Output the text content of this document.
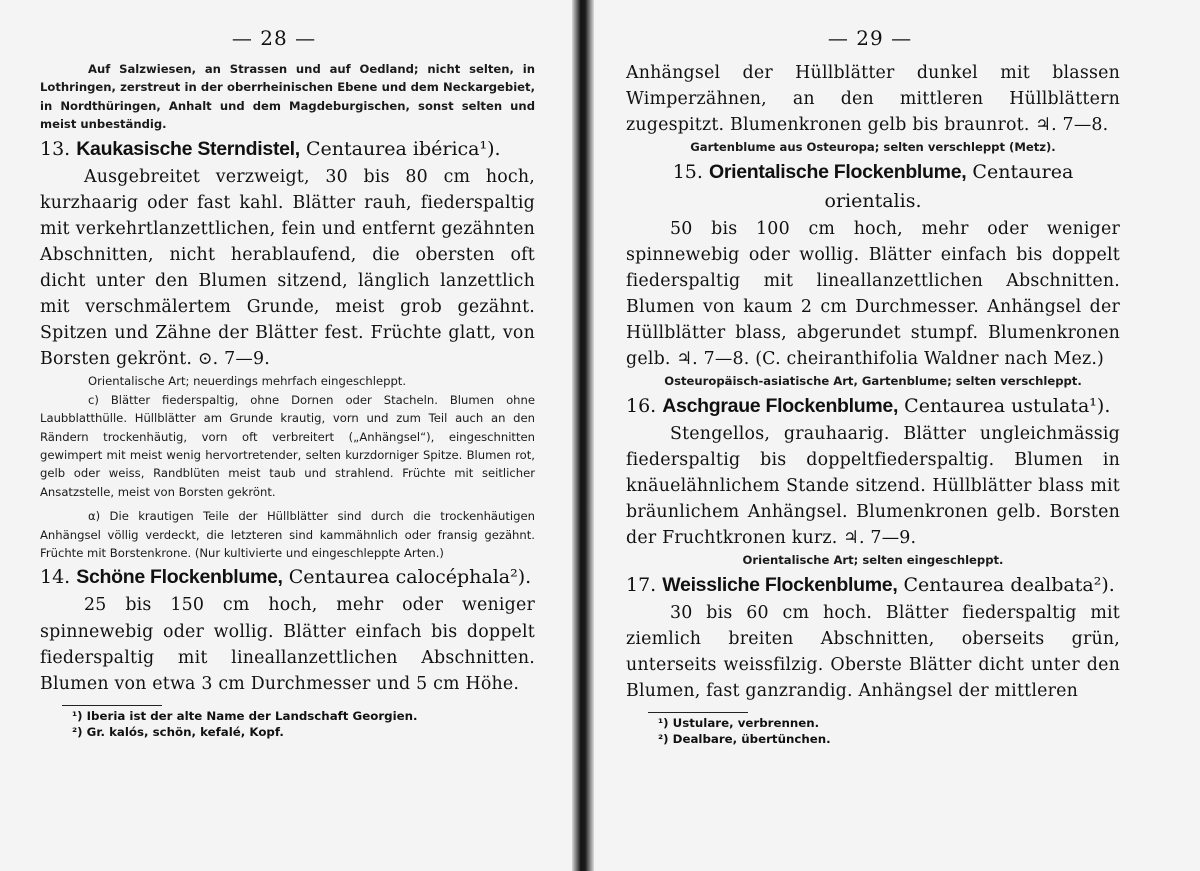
— 28 —

Auf Salzwiesen, an Strassen und auf Oedland; nicht selten, in Lothringen, zerstreut in der oberrheinischen Ebene und dem Neckargebiet, in Nordthüringen, Anhalt und dem Magdeburgischen, sonst selten und meist unbeständig.

13. Kaukasische Sterndistel, Centaurea ibérica¹).

Ausgebreitet verzweigt, 30 bis 80 cm hoch, kurzhaarig oder fast kahl. Blätter rauh, fiederspaltig mit verkehrtlanzettlichen, fein und entfernt gezähnten Abschnitten, nicht herablaufend, die obersten oft dicht unter den Blumen sitzend, länglich lanzettlich mit verschmälertem Grunde, meist grob gezähnt. Spitzen und Zähne der Blätter fest. Früchte glatt, von Borsten gekrönt. ⊙. 7—9.

Orientalische Art; neuerdings mehrfach eingeschleppt.

c) Blätter fiederspaltig, ohne Dornen oder Stacheln. Blumen ohne Laubblatthülle. Hüllblätter am Grunde krautig, vorn und zum Teil auch an den Rändern trockenhäutig, vorn oft verbreitert („Anhängsel“), eingeschnitten gewimpert mit meist wenig hervortretender, selten kurzdorniger Spitze. Blumen rot, gelb oder weiss, Randblüten meist taub und strahlend. Früchte mit seitlicher Ansatzstelle, meist von Borsten gekrönt.

α) Die krautigen Teile der Hüllblätter sind durch die trockenhäutigen Anhängsel völlig verdeckt, die letzteren sind kammähnlich oder fransig gezähnt. Früchte mit Borstenkrone. (Nur kultivierte und eingeschleppte Arten.)

14. Schöne Flockenblume, Centaurea calocéphala²).

25 bis 150 cm hoch, mehr oder weniger spinnewebig oder wollig. Blätter einfach bis doppelt fiederspaltig mit lineallanzettlichen Abschnitten. Blumen von etwa 3 cm Durchmesser und 5 cm Höhe.

¹) Iberia ist der alte Name der Landschaft Georgien.
²) Gr. kalós, schön, kefalé, Kopf.
— 29 —

Anhängsel der Hüllblätter dunkel mit blassen Wimperzähnen, an den mittleren Hüllblättern zugespitzt. Blumenkronen gelb bis braunrot. ♃. 7—8.

Gartenblume aus Osteuropa; selten verschleppt (Metz).

15. Orientalische Flockenblume, Centaurea orientalis.

50 bis 100 cm hoch, mehr oder weniger spinnewebig oder wollig. Blätter einfach bis doppelt fiederspaltig mit lineallanzettlichen Abschnitten. Blumen von kaum 2 cm Durchmesser. Anhängsel der Hüllblätter blass, abgerundet stumpf. Blumenkronen gelb. ♃. 7—8. (C. cheiranthifolia Waldner nach Mez.)

Osteuropäisch-asiatische Art, Gartenblume; selten verschleppt.

16. Aschgraue Flockenblume, Centaurea ustulata¹).

Stengellos, grauhaarig. Blätter ungleichmässig fiederspaltig bis doppeltfiederspaltig. Blumen in knäuelähnlichem Stande sitzend. Hüllblätter blass mit bräunlichem Anhängsel. Blumenkronen gelb. Borsten der Fruchtkronen kurz. ♃. 7—9.

Orientalische Art; selten eingeschleppt.

17. Weissliche Flockenblume, Centaurea dealbata²).

30 bis 60 cm hoch. Blätter fiederspaltig mit ziemlich breiten Abschnitten, oberseits grün, unterseits weissfilzig. Oberste Blätter dicht unter den Blumen, fast ganzrandig. Anhängsel der mittleren

¹) Ustulare, verbrennen.
²) Dealbare, übertünchen.
